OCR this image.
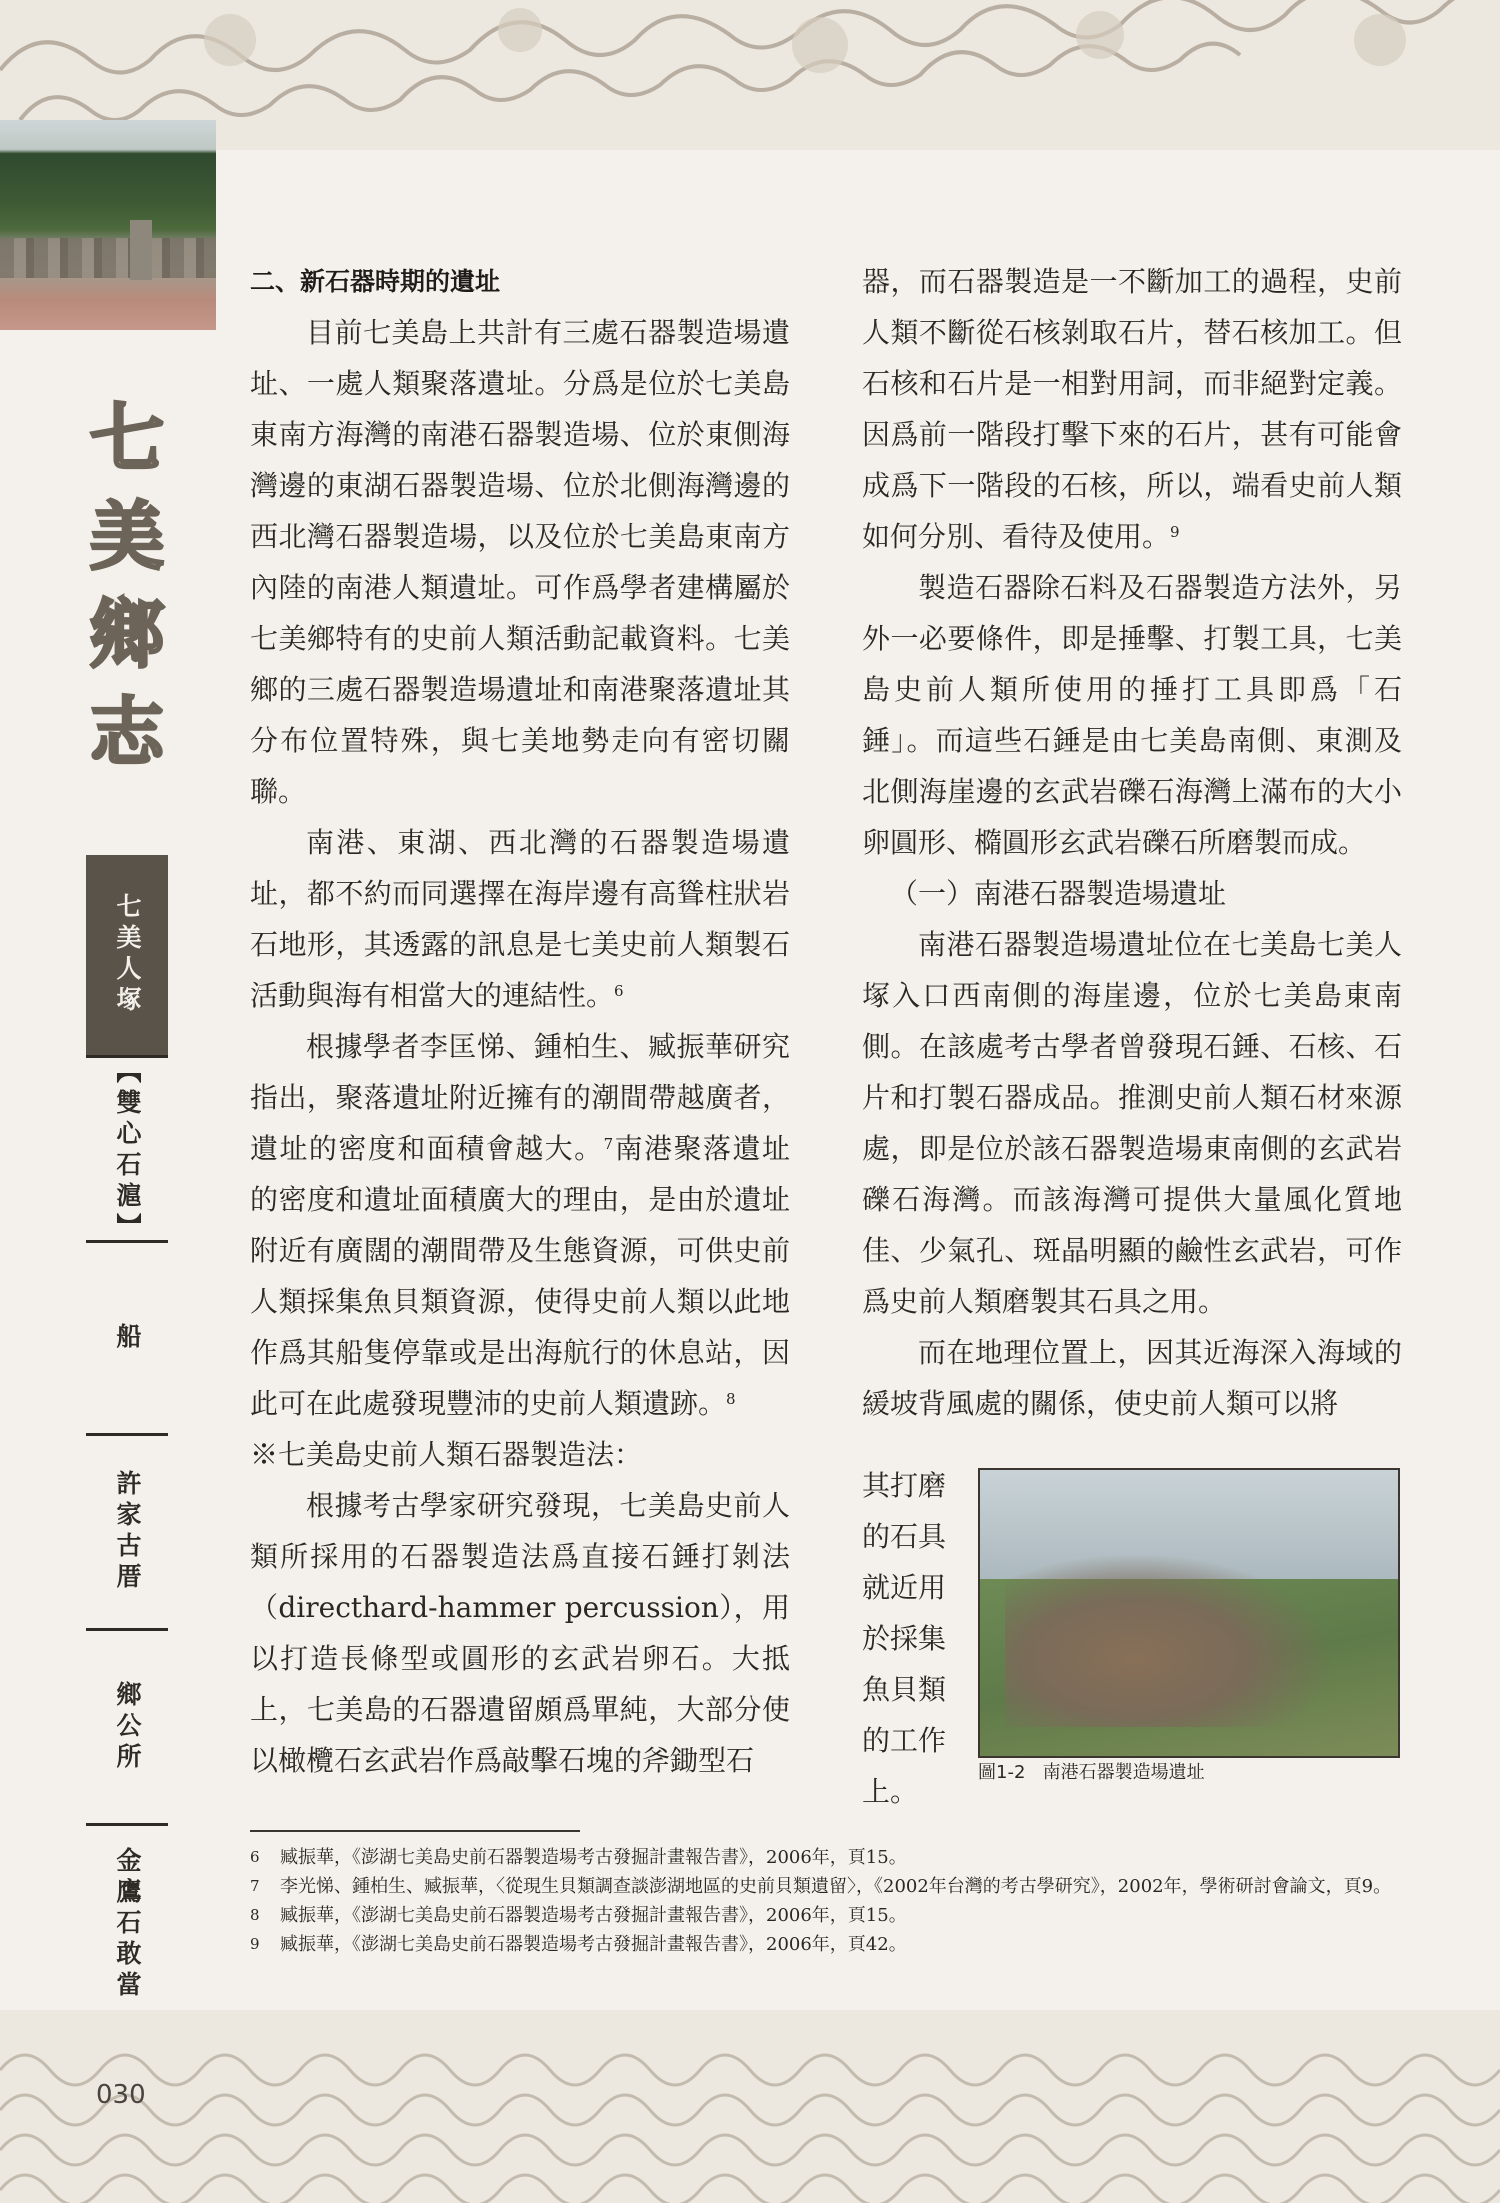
七
美
鄉
志
七美人塚
【雙心石滬】
船
許家古厝
鄉公所
金鷹石敢當

二、新石器時期的遺址

目前七美島上共計有三處石器製造場遺址、一處人類聚落遺址。分爲是位於七美島東南方海灣的南港石器製造場、位於東側海灣邊的東湖石器製造場、位於北側海灣邊的西北灣石器製造場，以及位於七美島東南方內陸的南港人類遺址。可作爲學者建構屬於七美鄉特有的史前人類活動記載資料。七美鄉的三處石器製造場遺址和南港聚落遺址其分布位置特殊，與七美地勢走向有密切關聯。

南港、東湖、西北灣的石器製造場遺址，都不約而同選擇在海岸邊有高聳柱狀岩石地形，其透露的訊息是七美史前人類製石活動與海有相當大的連結性。$^6$

根據學者李匡悌、鍾柏生、臧振華研究指出，聚落遺址附近擁有的潮間帶越廣者，遺址的密度和面積會越大。$^7$南港聚落遺址的密度和遺址面積廣大的理由，是由於遺址附近有廣闊的潮間帶及生態資源，可供史前人類採集魚貝類資源，使得史前人類以此地作爲其船隻停靠或是出海航行的休息站，因此可在此處發現豐沛的史前人類遺跡。$^8$

※七美島史前人類石器製造法：

根據考古學家研究發現，七美島史前人類所採用的石器製造法爲直接石錘打剝法（directhard-hammer percussion），用以打造長條型或圓形的玄武岩卵石。大抵上，七美島的石器遺留頗爲單純，大部分使以橄欖石玄武岩作爲敲擊石塊的斧鋤型石

器，而石器製造是一不斷加工的過程，史前人類不斷從石核剝取石片，替石核加工。但石核和石片是一相對用詞，而非絕對定義。因爲前一階段打擊下來的石片，甚有可能會成爲下一階段的石核，所以，端看史前人類如何分別、看待及使用。$^9$

製造石器除石料及石器製造方法外，另外一必要條件，即是捶擊、打製工具，七美島史前人類所使用的捶打工具即爲「石錘」。而這些石錘是由七美島南側、東測及北側海崖邊的玄武岩礫石海灣上滿布的大小卵圓形、橢圓形玄武岩礫石所磨製而成。

（一）南港石器製造場遺址

南港石器製造場遺址位在七美島七美人塚入口西南側的海崖邊，位於七美島東南側。在該處考古學者曾發現石錘、石核、石片和打製石器成品。推測史前人類石材來源處，即是位於該石器製造場東南側的玄武岩礫石海灣。而該海灣可提供大量風化質地佳、少氣孔、斑晶明顯的鹼性玄武岩，可作爲史前人類磨製其石具之用。

而在地理位置上，因其近海深入海域的緩坡背風處的關係，使史前人類可以將

其打磨的石具就近用於採集魚貝類的工作上。
圖1-2 南港石器製造場遺址
6	臧振華，《澎湖七美島史前石器製造場考古發掘計畫報告書》，2006年，頁15。
7	李光悌、鍾柏生、臧振華，〈從現生貝類調查談澎湖地區的史前貝類遺留〉，《2002年台灣的考古學研究》，2002年，學術研討會論文，頁9。
8	臧振華，《澎湖七美島史前石器製造場考古發掘計畫報告書》，2006年，頁15。
9	臧振華，《澎湖七美島史前石器製造場考古發掘計畫報告書》，2006年，頁42。
030
